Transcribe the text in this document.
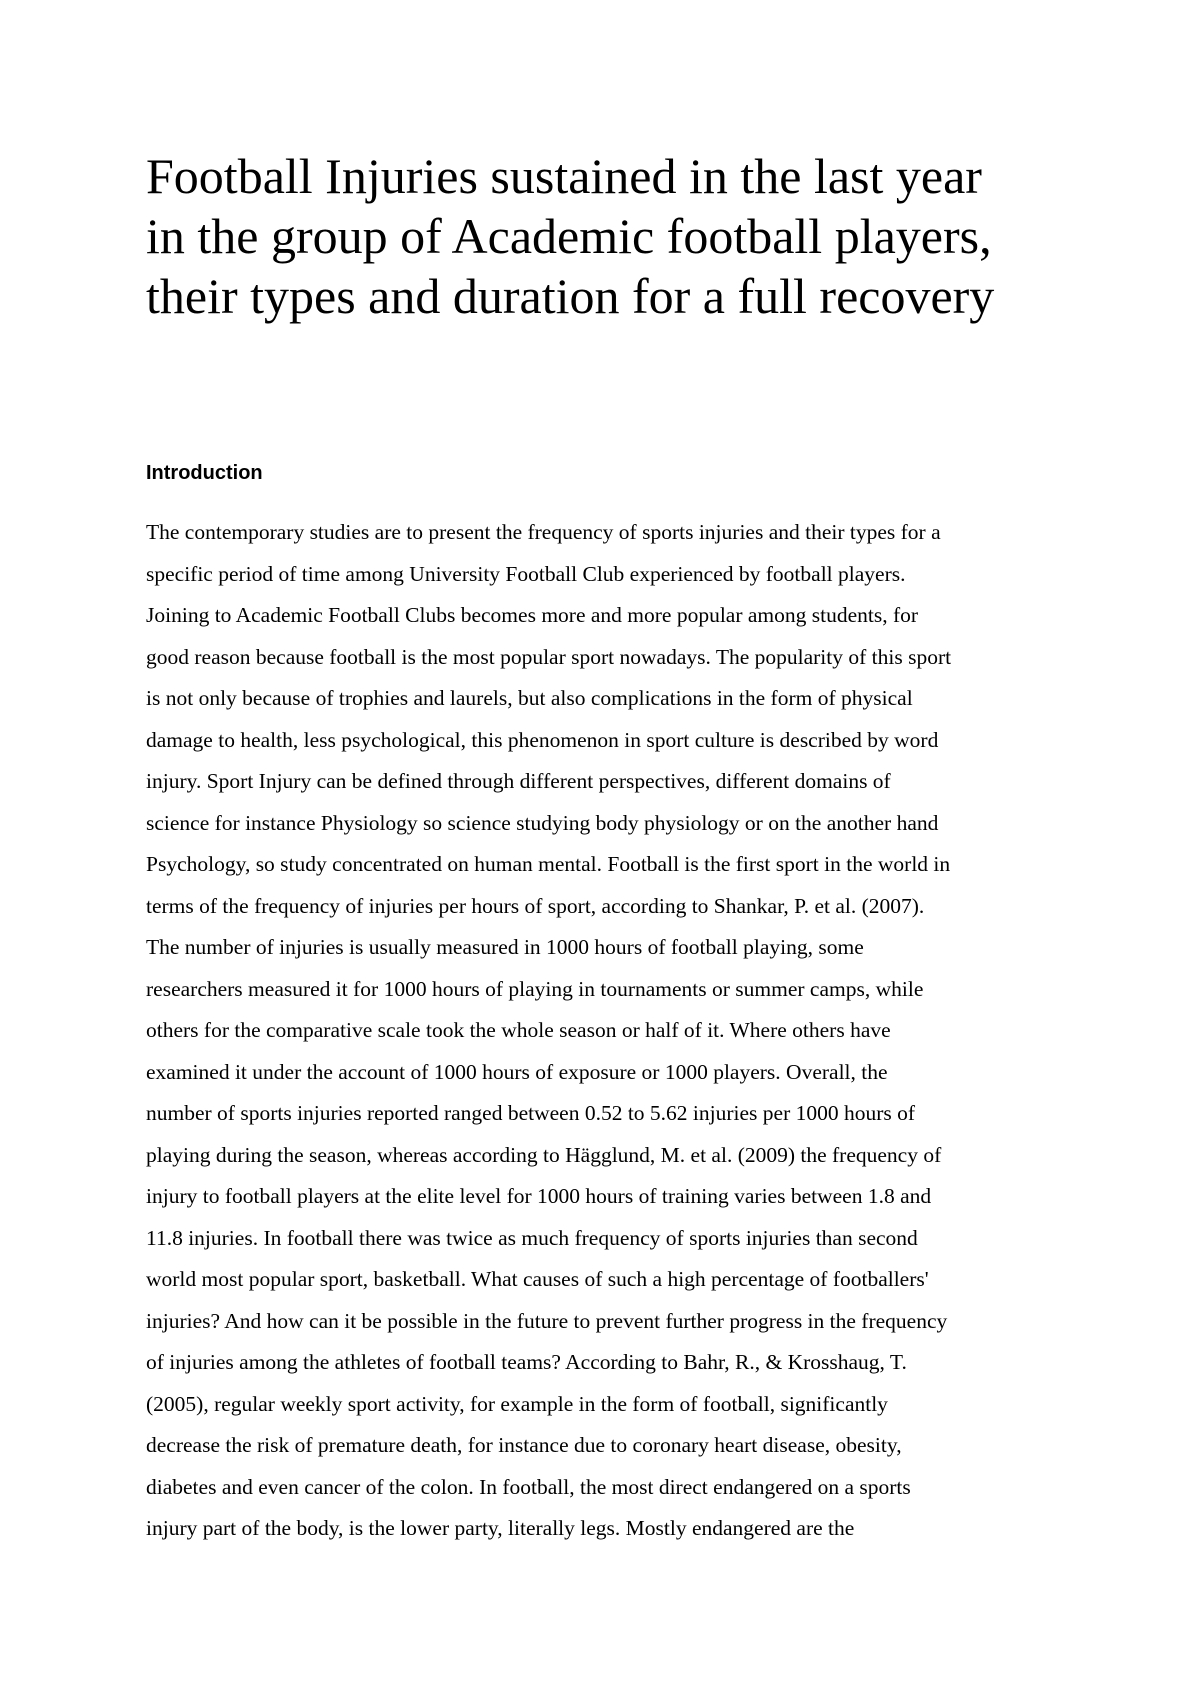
Football Injuries sustained in the last year
in the group of Academic football players,
their types and duration for a full recovery
Introduction
The contemporary studies are to present the frequency of sports injuries and their types for a
specific period of time among University Football Club experienced by football players.
Joining to Academic Football Clubs becomes more and more popular among students, for
good reason because football is the most popular sport nowadays. The popularity of this sport
is not only because of trophies and laurels, but also complications in the form of physical
damage to health, less psychological, this phenomenon in sport culture is described by word
injury. Sport Injury can be defined through different perspectives, different domains of
science for instance Physiology so science studying body physiology or on the another hand
Psychology, so study concentrated on human mental. Football is the first sport in the world in
terms of the frequency of injuries per hours of sport, according to Shankar, P. et al. (2007).
The number of injuries is usually measured in 1000 hours of football playing, some
researchers measured it for 1000 hours of playing in tournaments or summer camps, while
others for the comparative scale took the whole season or half of it. Where others have
examined it under the account of 1000 hours of exposure or 1000 players. Overall, the
number of sports injuries reported ranged between 0.52 to 5.62 injuries per 1000 hours of
playing during the season, whereas according to Hägglund, M. et al. (2009) the frequency of
injury to football players at the elite level for 1000 hours of training varies between 1.8 and
11.8 injuries. In football there was twice as much frequency of sports injuries than second
world most popular sport, basketball. What causes of such a high percentage of footballers'
injuries? And how can it be possible in the future to prevent further progress in the frequency
of injuries among the athletes of football teams? According to Bahr, R., & Krosshaug, T.
(2005), regular weekly sport activity, for example in the form of football, significantly
decrease the risk of premature death, for instance due to coronary heart disease, obesity,
diabetes and even cancer of the colon. In football, the most direct endangered on a sports
injury part of the body, is the lower party, literally legs. Mostly endangered are the
